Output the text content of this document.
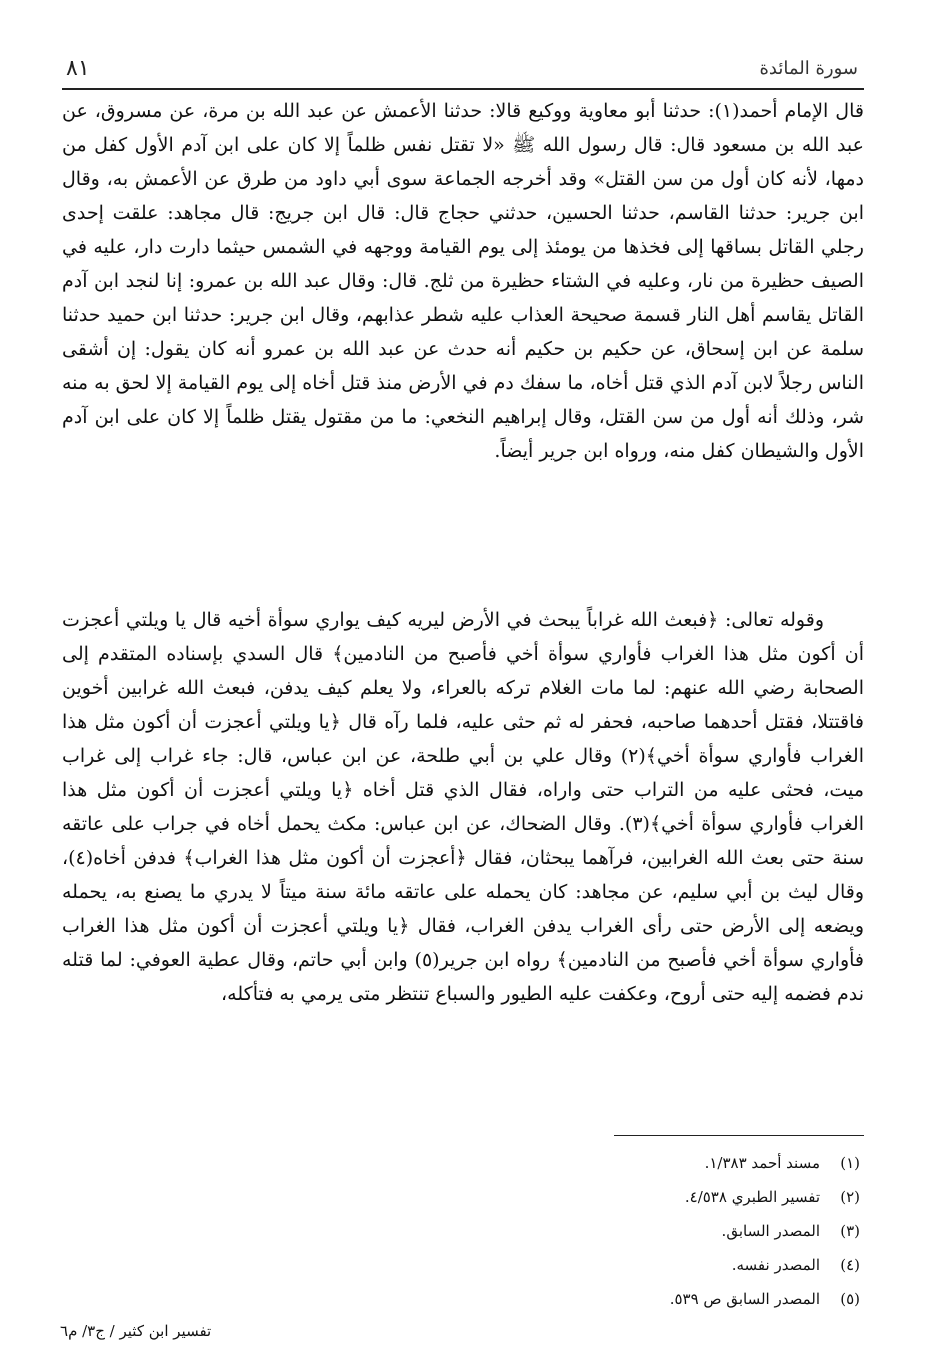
سورة المائدة
٨١

قال الإمام أحمد(١): حدثنا أبو معاوية ووكيع قالا: حدثنا الأعمش عن عبد الله بن مرة، عن مسروق، عن عبد الله بن مسعود قال: قال رسول الله ﷺ «لا تقتل نفس ظلماً إلا كان على ابن آدم الأول كفل من دمها، لأنه كان أول من سن القتل» وقد أخرجه الجماعة سوى أبي داود من طرق عن الأعمش به، وقال ابن جرير: حدثنا القاسم، حدثنا الحسين، حدثني حجاج قال: قال ابن جريج: قال مجاهد: علقت إحدى رجلي القاتل بساقها إلى فخذها من يومئذ إلى يوم القيامة ووجهه في الشمس حيثما دارت دار، عليه في الصيف حظيرة من نار، وعليه في الشتاء حظيرة من ثلج. قال: وقال عبد الله بن عمرو: إنا لنجد ابن آدم القاتل يقاسم أهل النار قسمة صحيحة العذاب عليه شطر عذابهم، وقال ابن جرير: حدثنا ابن حميد حدثنا سلمة عن ابن إسحاق، عن حكيم بن حكيم أنه حدث عن عبد الله بن عمرو أنه كان يقول: إن أشقى الناس رجلاً لابن آدم الذي قتل أخاه، ما سفك دم في الأرض منذ قتل أخاه إلى يوم القيامة إلا لحق به منه شر، وذلك أنه أول من سن القتل، وقال إبراهيم النخعي: ما من مقتول يقتل ظلماً إلا كان على ابن آدم الأول والشيطان كفل منه، ورواه ابن جرير أيضاً.

وقوله تعالى: ﴿فبعث الله غراباً يبحث في الأرض ليريه كيف يواري سوأة أخيه قال يا ويلتي أعجزت أن أكون مثل هذا الغراب فأواري سوأة أخي فأصبح من النادمين﴾ قال السدي بإسناده المتقدم إلى الصحابة رضي الله عنهم: لما مات الغلام تركه بالعراء، ولا يعلم كيف يدفن، فبعث الله غرابين أخوين فاقتتلا، فقتل أحدهما صاحبه، فحفر له ثم حثى عليه، فلما رآه قال ﴿يا ويلتي أعجزت أن أكون مثل هذا الغراب فأواري سوأة أخي﴾(٢) وقال علي بن أبي طلحة، عن ابن عباس، قال: جاء غراب إلى غراب ميت، فحثى عليه من التراب حتى واراه، فقال الذي قتل أخاه ﴿يا ويلتي أعجزت أن أكون مثل هذا الغراب فأواري سوأة أخي﴾(٣). وقال الضحاك، عن ابن عباس: مكث يحمل أخاه في جراب على عاتقه سنة حتى بعث الله الغرابين، فرآهما يبحثان، فقال ﴿أعجزت أن أكون مثل هذا الغراب﴾ فدفن أخاه(٤)، وقال ليث بن أبي سليم، عن مجاهد: كان يحمله على عاتقه مائة سنة ميتاً لا يدري ما يصنع به، يحمله ويضعه إلى الأرض حتى رأى الغراب يدفن الغراب، فقال ﴿يا ويلتي أعجزت أن أكون مثل هذا الغراب فأواري سوأة أخي فأصبح من النادمين﴾ رواه ابن جرير(٥) وابن أبي حاتم، وقال عطية العوفي: لما قتله ندم فضمه إليه حتى أروح، وعكفت عليه الطيور والسباع تنتظر متى يرمي به فتأكله،

(١)مسند أحمد ١/٣٨٣.
(٢)تفسير الطبري ٤/٥٣٨.
(٣)المصدر السابق.
(٤)المصدر نفسه.
(٥)المصدر السابق ص ٥٣٩.
تفسير ابن كثير / ج٣/ م٦
